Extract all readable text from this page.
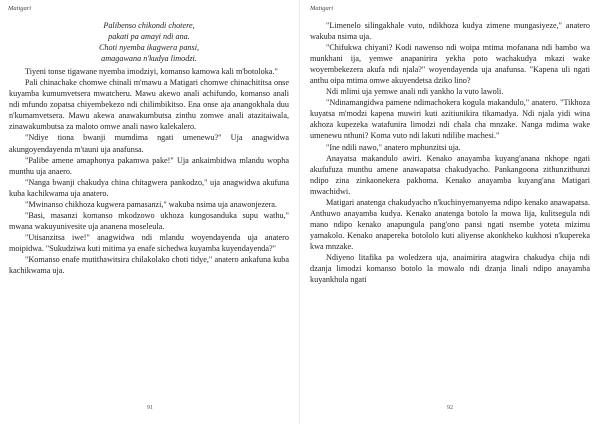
Matigari
Palibenso chikondi chotere,
pakati pa amayi ndi ana.
Choti nyemba ikagwera pansi,
amagawana n'kudya limodzi.

Tiyeni tonse tigawane nyemba imodziyi, komanso kamowa kali m'botoloka."

Pali chinachake chomwe chinali m'mawu a Matigari chomwe chinachititsa onse kuyamba kumumvetsera mwatcheru. Mawu akewo anali achifundo, komanso anali ndi mfundo zopatsa chiyembekezo ndi chilimbikitso. Ena onse aja anangokhala duu n'kumamvetsera. Mawu akewa anawakumbutsa zinthu zomwe anali atazitaiwala, zinawakumbutsa za maloto omwe anali nawo kalekalero.

"Ndiye tiona bwanji mumdima ngati umenewu?" Uja anagwidwa akungoyendayenda m'tauni uja anafunsa.

"Palibe amene amaphonya pakamwa pake!" Uja ankaimbidwa mlandu wopha munthu uja anaero.

"Nanga bwanji chakudya china chitagwera pankodzo," uja anagwidwa akufuna kuba kachikwama uja anatero.

"Mwinanso chikhoza kugwera pamasanzi," wakuba nsima uja anawonjezera.

"Basi, masanzi komanso mkodzowo ukhoza kungosanduka supu wathu," mwana wakuyunivesite uja ananena moseleula.

"Utisanzitsa iwe!" anagwidwa ndi mlandu woyendayenda uja anatero moipidwa. "Sukudziwa kuti mitima ya enafe sichedwa kuyamba kuyendayenda?"

"Komanso enafe mutithawitsira chilakolako choti tidye," anatero ankafuna kuba kachikwama uja.

91
Matigari

"Limenelo silingakhale vuto, ndikhoza kudya zimene mungasiyeze," anatero wakuba nsima uja.

"Chifukwa chiyani? Kodi nawenso ndi woipa mtima mofanana ndi bambo wa munkhani ija, yemwe anapanirira yekha poto wachakudya mkazi wake woyembekezera akufa ndi njala?" woyendayenda uja anafunsa. "Kapena uli ngati anthu oipa mtima omwe akuyendetsa dziko lino?

Ndi mlimi uja yemwe anali ndi yankho la vuto lawoli.

"Ndinamangidwa pamene ndimachokera kogula makandulo," anatero. "Tikhoza kuyatsa m'modzi kapena muwiri kuti azitiunikira tikamadya. Ndi njala yidi wina akhoza kupezeka watafunira limodzi ndi chala cha mnzake. Nanga mdima wake umenewu nthuni? Koma vuto ndi lakuti ndilibe machesi."

"Ine ndili nawo," anatero mphunzitsi uja.

Anayatsa makandulo awiri. Kenako anayamba kuyang'anana nkhope ngati akufufuza munthu amene anawapatsa chakudyacho. Pankangoona zithunzithunzi ndipo zina zinkaonekera pakhoma. Kenako anayamba kuyang'ana Matigari mwachidwi.

Matigari anatenga chakudyacho n'kuchinyemanyema ndipo kenako anawapatsa. Anthuwo anayamba kudya. Kenako anatenga botolo la mowa lija, kulitsegula ndi mano ndipo kenako anapungula pang'ono pansi ngati nsembe yoteta mizimu yamakolo. Kenako anapereka botololo kuti aliyense akonkheko kukhosi n'kuperekа kwa mnzake.

Ndiyeno litafika pa woledzera uja, anaimirira atagwira chakudya chija ndi dzanja limodzi komanso botolo la mowalo ndi dzanja linali ndipo anayamba kuyankhula ngati

92
